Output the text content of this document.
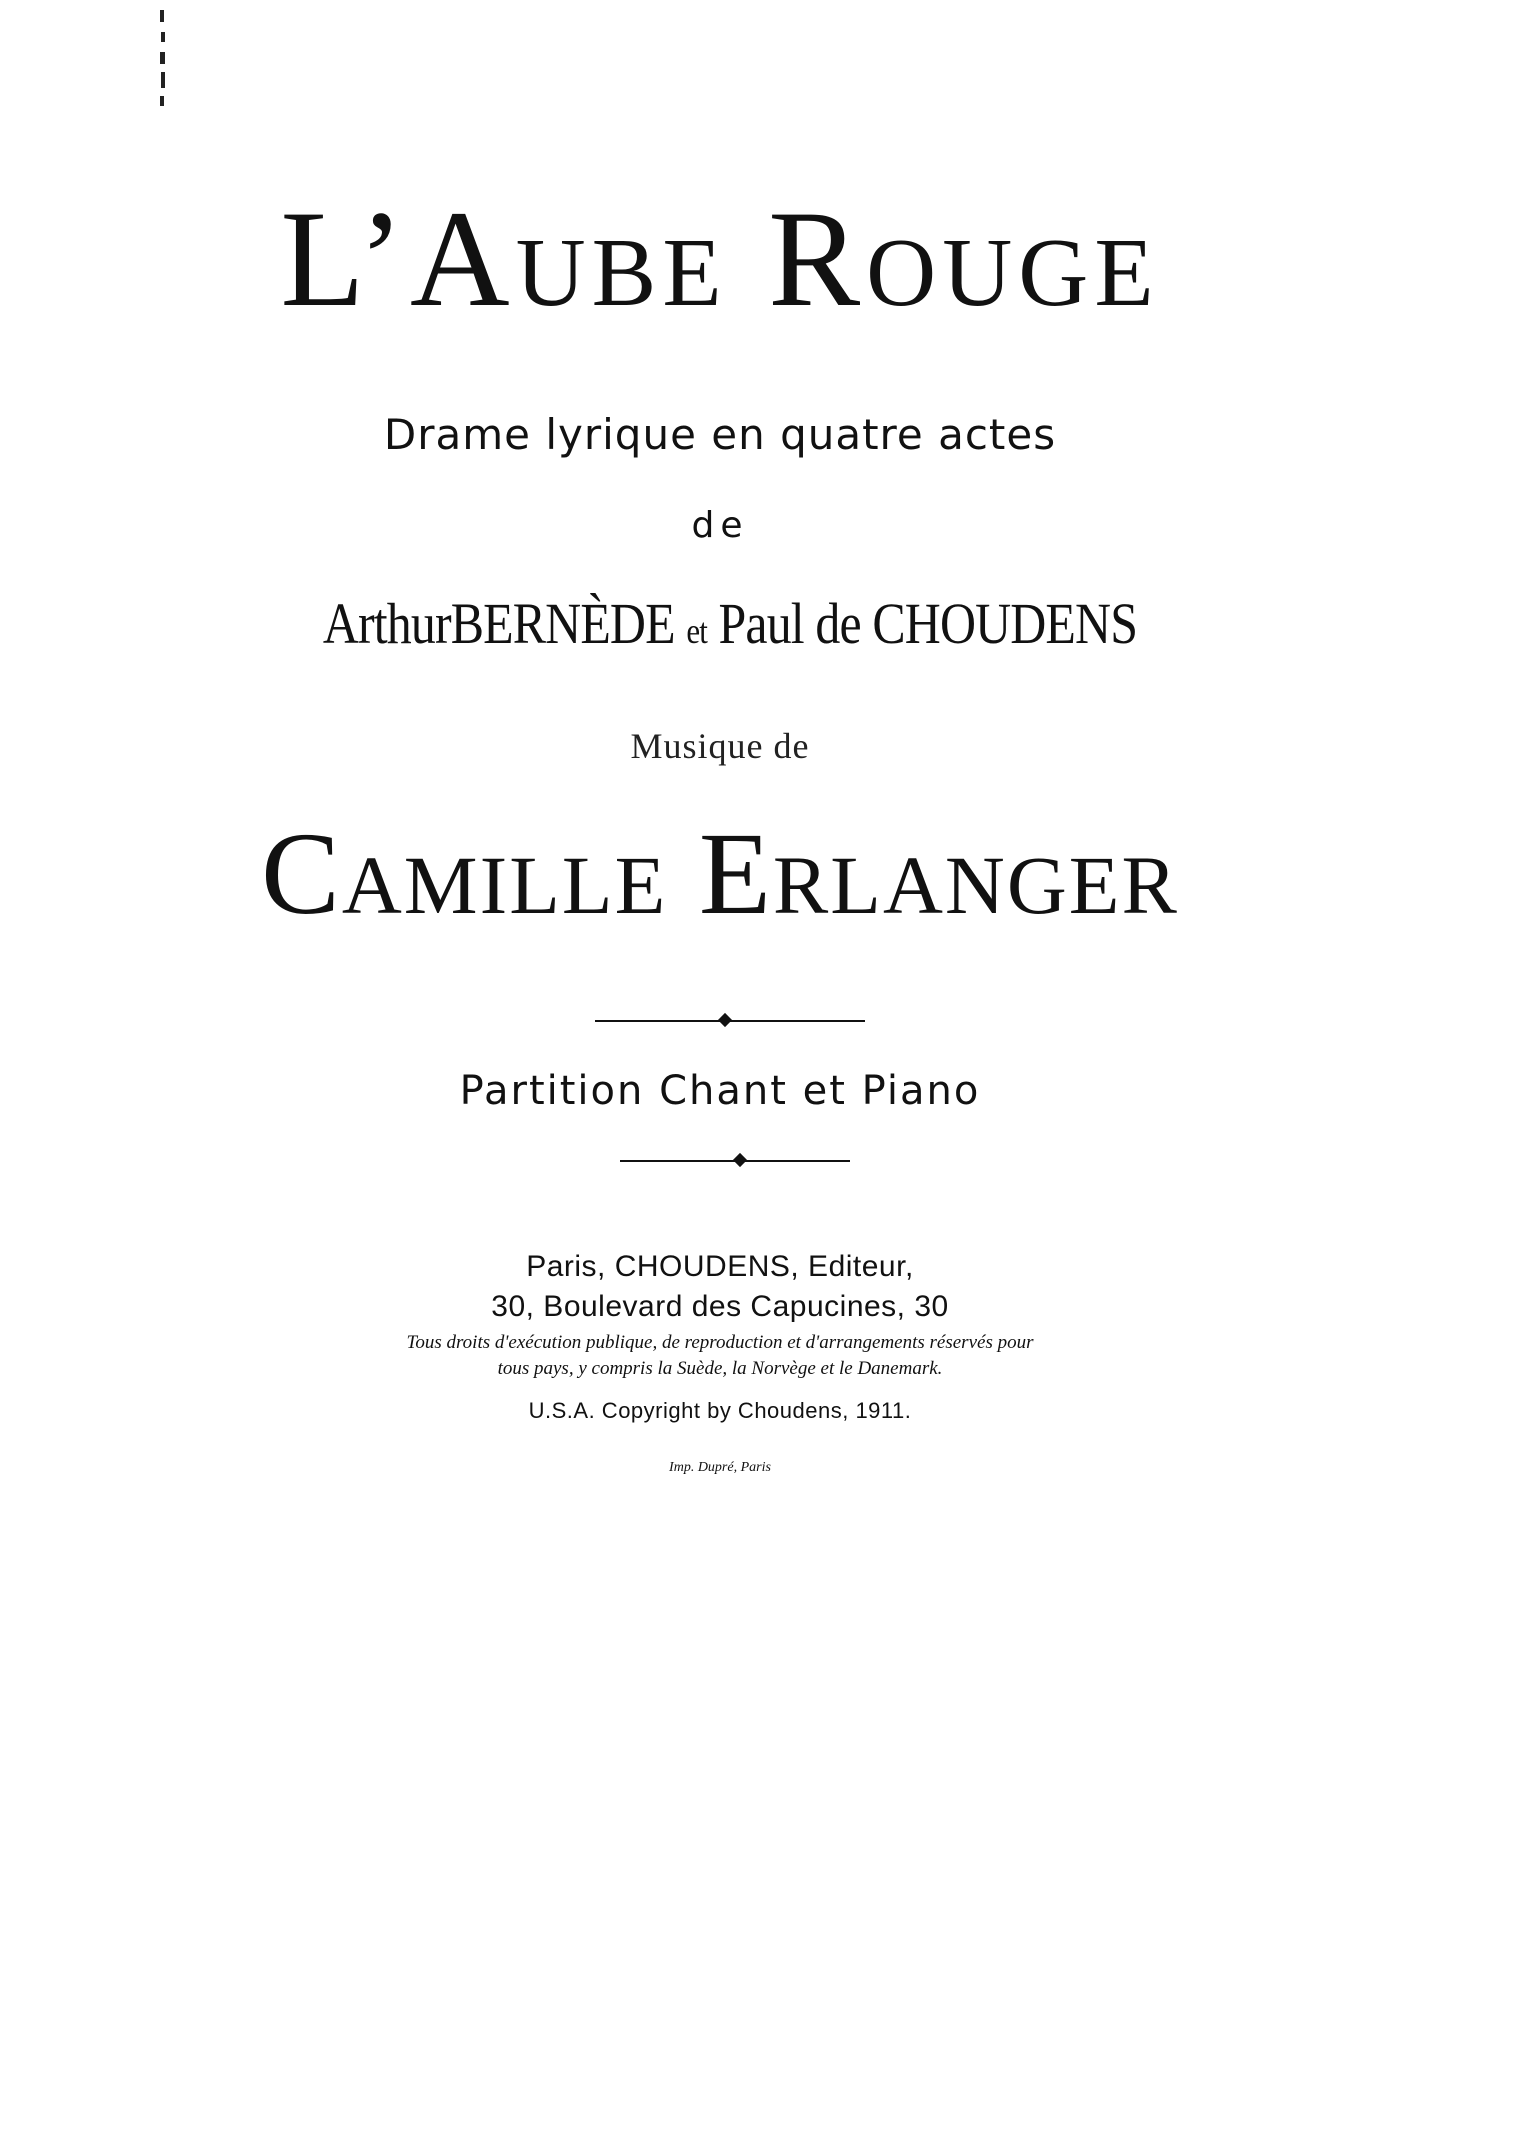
L’Aube Rouge
Drame lyrique en quatre actes
de
ArthurBERNÈDE et Paul de CHOUDENS
Musique de
Camille Erlanger
Partition Chant et Piano
Paris, CHOUDENS, Editeur,
30, Boulevard des Capucines, 30
Tous droits d'exécution publique, de reproduction et d'arrangements réservés pour
tous pays, y compris la Suède, la Norvège et le Danemark.
U.S.A. Copyright by Choudens, 1911.
Imp. Dupré, Paris
